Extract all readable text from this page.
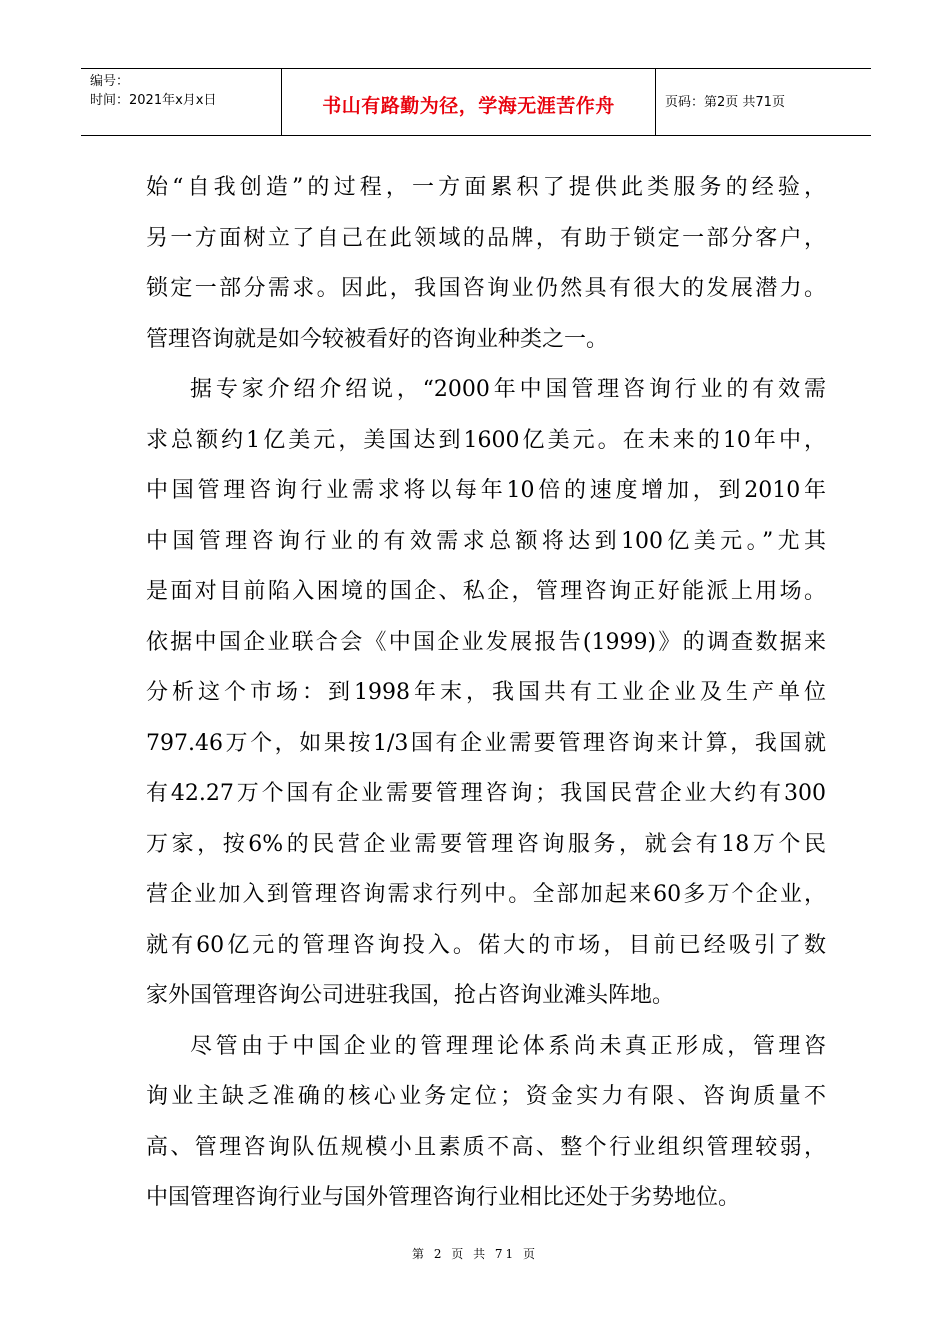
编号：
时间：2021年x月x日	书山有路勤为径，学海无涯苦作舟	页码：第2页 共71页
始“自我创造”的过程，一方面累积了提供此类服务的经验，
另一方面树立了自己在此领域的品牌，有助于锁定一部分客户，
锁定一部分需求。因此，我国咨询业仍然具有很大的发展潜力。
管理咨询就是如今较被看好的咨询业种类之一。
据专家介绍介绍说，“2000年中国管理咨询行业的有效需
求总额约1亿美元，美国达到1600亿美元。在未来的10年中，
中国管理咨询行业需求将以每年10倍的速度增加，到2010年
中国管理咨询行业的有效需求总额将达到100亿美元。”尤其
是面对目前陷入困境的国企、私企，管理咨询正好能派上用场。
依据中国企业联合会《中国企业发展报告(1999)》的调查数据来
分析这个市场：到1998年末，我国共有工业企业及生产单位
797.46万个，如果按1/3国有企业需要管理咨询来计算，我国就
有42.27万个国有企业需要管理咨询；我国民营企业大约有300
万家，按6%的民营企业需要管理咨询服务，就会有18万个民
营企业加入到管理咨询需求行列中。全部加起来60多万个企业，
就有60亿元的管理咨询投入。偌大的市场，目前已经吸引了数
家外国管理咨询公司进驻我国，抢占咨询业滩头阵地。
尽管由于中国企业的管理理论体系尚未真正形成，管理咨
询业主缺乏准确的核心业务定位；资金实力有限、咨询质量不
高、管理咨询队伍规模小且素质不高、整个行业组织管理较弱，
中国管理咨询行业与国外管理咨询行业相比还处于劣势地位。
第 2 页 共 71 页
